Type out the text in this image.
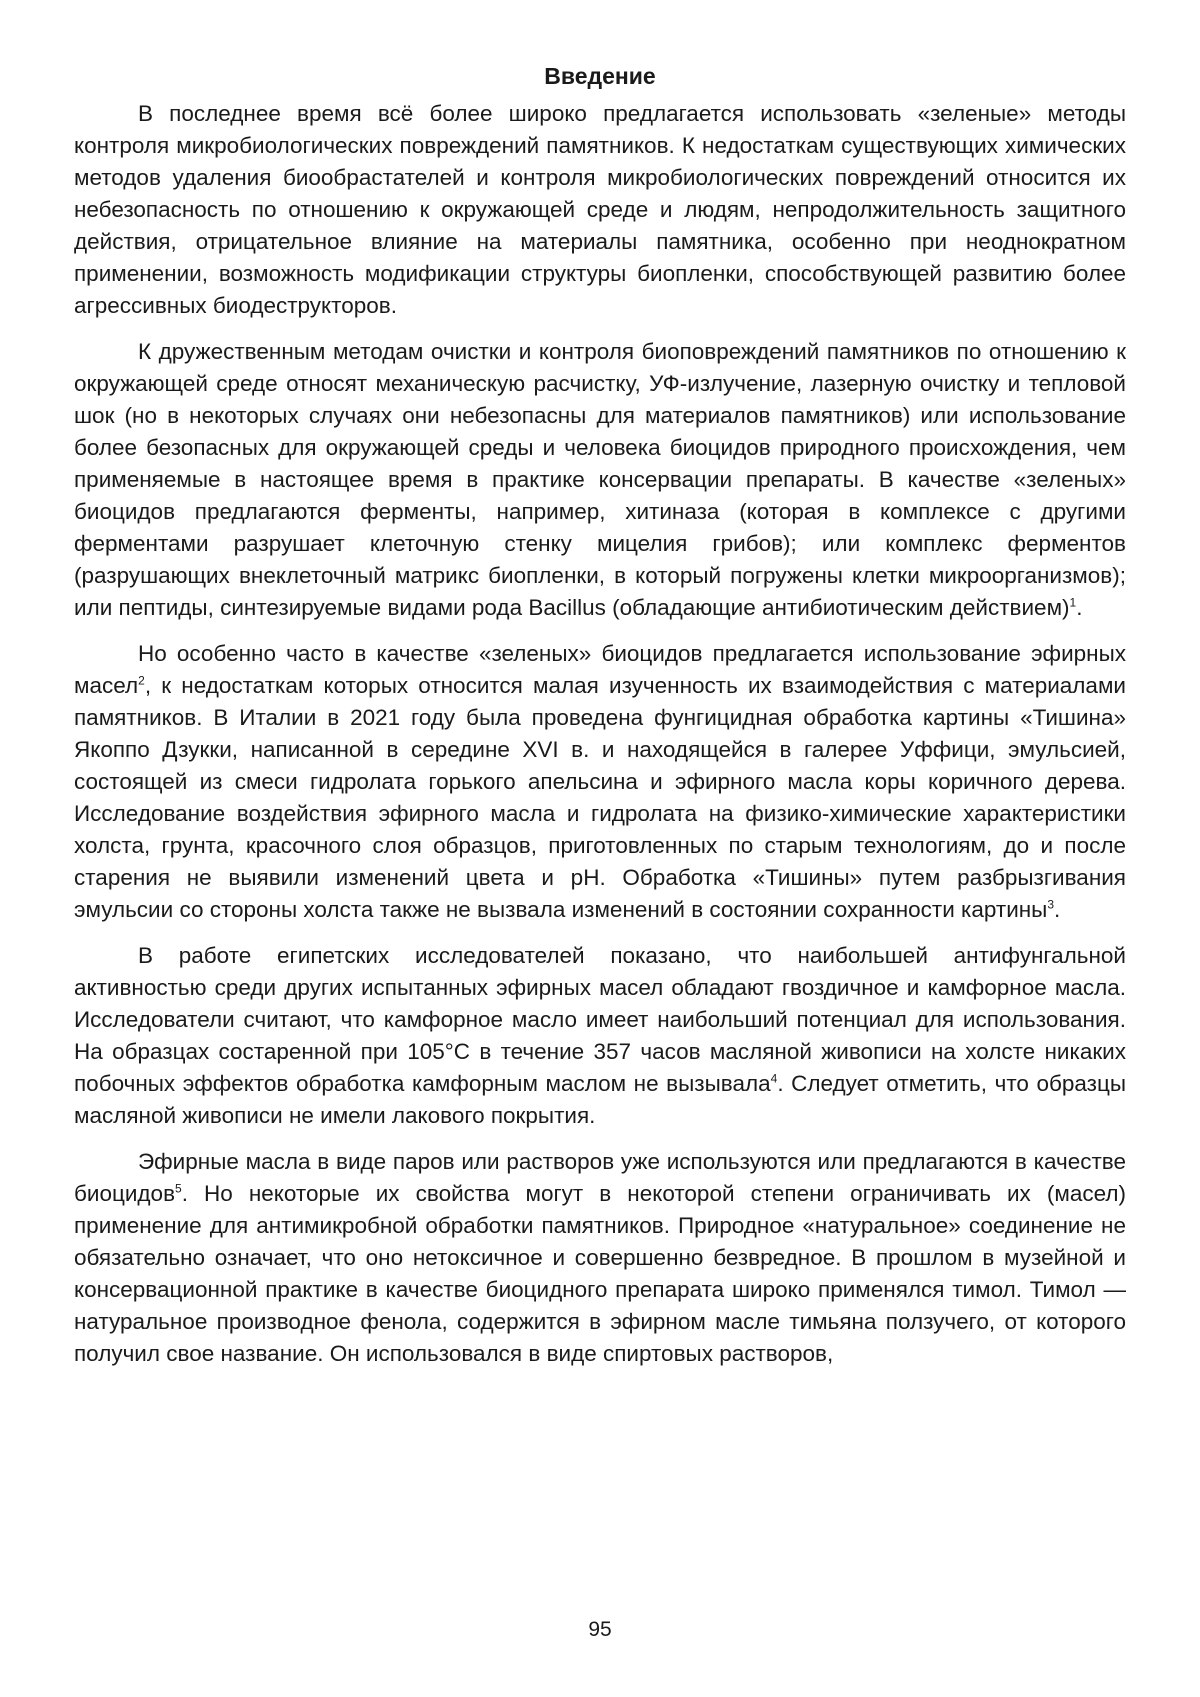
Введение

В последнее время всё более широко предлагается использовать «зеленые» методы контроля микробиологических повреждений памятников. К недостаткам существующих химических методов удаления биообрастателей и контроля микробиологических повреждений относится их небезопасность по отношению к окружающей среде и людям, непродолжительность защитного действия, отрицательное влияние на материалы памятника, особенно при неоднократном применении, возможность модификации структуры биопленки, способствующей развитию более агрессивных биодеструкторов.

К дружественным методам очистки и контроля биоповреждений памятников по отношению к окружающей среде относят механическую расчистку, УФ-излучение, лазерную очистку и тепловой шок (но в некоторых случаях они небезопасны для материалов памятников) или использование более безопасных для окружающей среды и человека биоцидов природного происхождения, чем применяемые в настоящее время в практике консервации препараты. В качестве «зеленых» биоцидов предлагаются ферменты, например, хитиназа (которая в комплексе с другими ферментами разрушает клеточную стенку мицелия грибов); или комплекс ферментов (разрушающих внеклеточный матрикс биопленки, в который погружены клетки микроорганизмов); или пептиды, синтезируемые видами рода Bacillus (обладающие антибиотическим действием)$^1$.

Но особенно часто в качестве «зеленых» биоцидов предлагается использование эфирных масел$^2$, к недостаткам которых относится малая изученность их взаимодействия с материалами памятников. В Италии в 2021 году была проведена фунгицидная обработка картины «Тишина» Якоппо Дзукки, написанной в середине XVI в. и находящейся в галерее Уффици, эмульсией, состоящей из смеси гидролата горького апельсина и эфирного масла коры коричного дерева. Исследование воздействия эфирного масла и гидролата на физико-химические характеристики холста, грунта, красочного слоя образцов, приготовленных по старым технологиям, до и после старения не выявили изменений цвета и pH. Обработка «Тишины» путем разбрызгивания эмульсии со стороны холста также не вызвала изменений в состоянии сохранности картины$^3$.

В работе египетских исследователей показано, что наибольшей антифунгальной активностью среди других испытанных эфирных масел обладают гвоздичное и камфорное масла. Исследователи считают, что камфорное масло имеет наибольший потенциал для использования. На образцах состаренной при 105°С в течение 357 часов масляной живописи на холсте никаких побочных эффектов обработка камфорным маслом не вызывала$^4$. Следует отметить, что образцы масляной живописи не имели лакового покрытия.

Эфирные масла в виде паров или растворов уже используются или предлагаются в качестве биоцидов$^5$. Но некоторые их свойства могут в некоторой степени ограничивать их (масел) применение для антимикробной обработки памятников. Природное «натуральное» соединение не обязательно означает, что оно нетоксичное и совершенно безвредное. В прошлом в музейной и консервационной практике в качестве биоцидного препарата широко применялся тимол. Тимол — натуральное производное фенола, содержится в эфирном масле тимьяна ползучего, от которого получил свое название. Он использовался в виде спиртовых растворов,

95
